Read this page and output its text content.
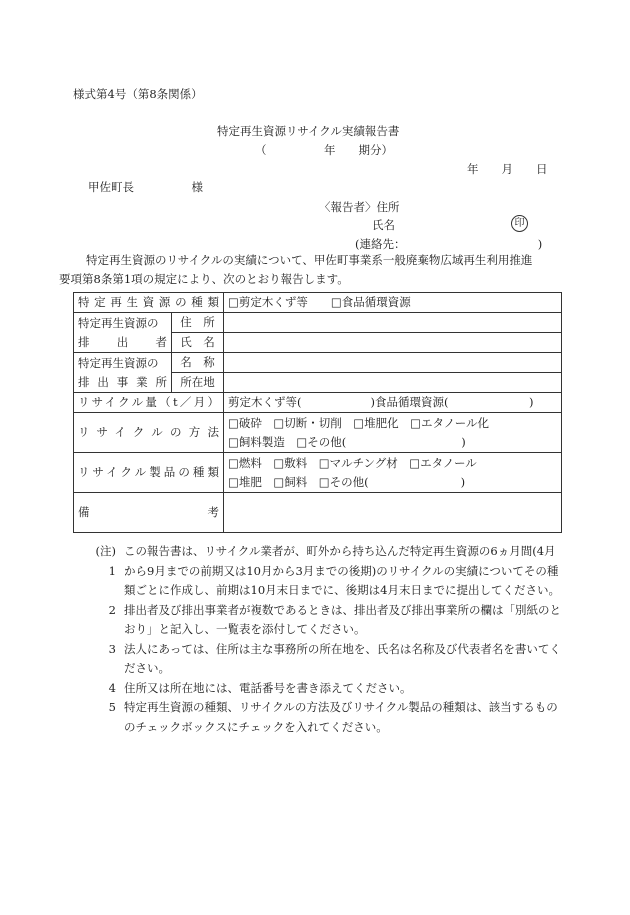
様式第4号（第8条関係）
特定再生資源リサイクル実績報告書
（　　　　　年　　期分）
年　　月　　日
甲佐町長　　　　　様
〈報告者〉住所
氏名	印
(連絡先：　　　　　　　　　　　　)
特定再生資源のリサイクルの実績について、甲佐町事業系一般廃棄物広域再生利用推進
要項第8条第1項の規定により、次のとおり報告します。
特定再生資源の種類		□剪定木くず等　　□食品循環資源

特定再生資源の
排　　出　　者	住　所	
	氏　名	

特定再生資源の
排出事業所	名　称	
	所在地	
リサイクル量（t／月）		剪定木くず等(　　　　　　)食品循環資源(　　　　　　　)
リサイクルの方法		□破砕　□切断・切削　□堆肥化　□エタノール化
□飼料製造　□その他(　　　　　　　　　　)

リサイクル製品の種類		□燃料　□敷料　□マルチング材　□エタノール
□堆肥　□飼料　□その他(　　　　　　　　)

備　　　　　　　　考		
(注)　1
この報告書は、リサイクル業者が、町外から持ち込んだ特定再生資源の6ヵ月間(4月から9月までの前期又は10月から3月までの後期)のリサイクルの実績についてその種類ごとに作成し、前期は10月末日までに、後期は4月末日までに提出してください。
2 排出者及び排出事業者が複数であるときは、排出者及び排出事業所の欄は「別紙のとおり」と記入し、一覧表を添付してください。
3 法人にあっては、住所は主な事務所の所在地を、氏名は名称及び代表者名を書いてください。
4 住所又は所在地には、電話番号を書き添えてください。
5 特定再生資源の種類、リサイクルの方法及びリサイクル製品の種類は、該当するもののチェックボックスにチェックを入れてください。
